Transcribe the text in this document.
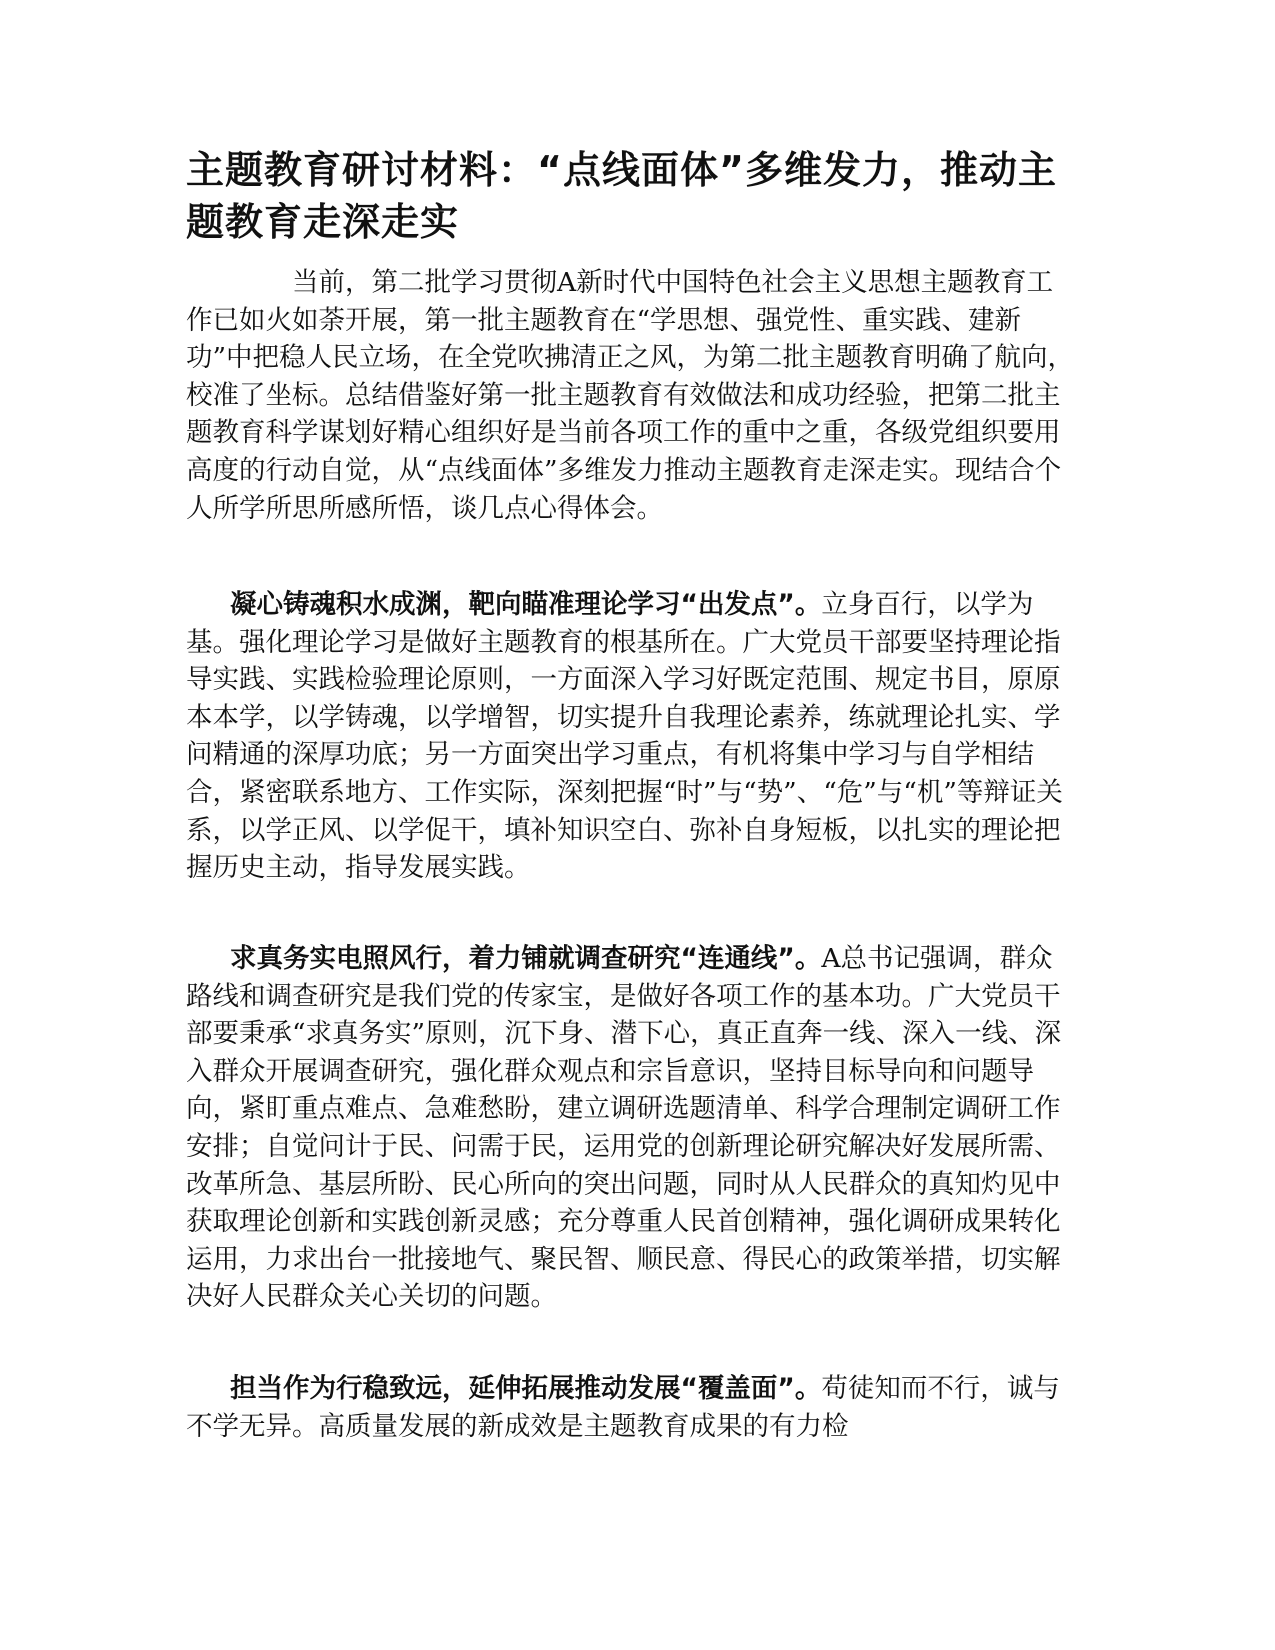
主题教育研讨材料：“点线面体”多维发力，推动主题教育走深走实

当前，第二批学习贯彻A新时代中国特色社会主义思想主题教育工作已如火如荼开展，第一批主题教育在“学思想、强党性、重实践、建新功”中把稳人民立场，在全党吹拂清正之风，为第二批主题教育明确了航向，校准了坐标。总结借鉴好第一批主题教育有效做法和成功经验，把第二批主题教育科学谋划好精心组织好是当前各项工作的重中之重，各级党组织要用高度的行动自觉，从“点线面体”多维发力推动主题教育走深走实。现结合个人所学所思所感所悟，谈几点心得体会。

凝心铸魂积水成渊，靶向瞄准理论学习“出发点”。立身百行，以学为基。强化理论学习是做好主题教育的根基所在。广大党员干部要坚持理论指导实践、实践检验理论原则，一方面深入学习好既定范围、规定书目，原原本本学，以学铸魂，以学增智，切实提升自我理论素养，练就理论扎实、学问精通的深厚功底；另一方面突出学习重点，有机将集中学习与自学相结合，紧密联系地方、工作实际，深刻把握“时”与“势”、“危”与“机”等辩证关系，以学正风、以学促干，填补知识空白、弥补自身短板，以扎实的理论把握历史主动，指导发展实践。

求真务实电照风行，着力铺就调查研究“连通线”。A总书记强调，群众路线和调查研究是我们党的传家宝，是做好各项工作的基本功。广大党员干部要秉承“求真务实”原则，沉下身、潜下心，真正直奔一线、深入一线、深入群众开展调查研究，强化群众观点和宗旨意识，坚持目标导向和问题导向，紧盯重点难点、急难愁盼，建立调研选题清单、科学合理制定调研工作安排；自觉问计于民、问需于民，运用党的创新理论研究解决好发展所需、改革所急、基层所盼、民心所向的突出问题，同时从人民群众的真知灼见中获取理论创新和实践创新灵感；充分尊重人民首创精神，强化调研成果转化运用，力求出台一批接地气、聚民智、顺民意、得民心的政策举措，切实解决好人民群众关心关切的问题。

担当作为行稳致远，延伸拓展推动发展“覆盖面”。苟徒知而不行，诚与不学无异。高质量发展的新成效是主题教育成果的有力检
